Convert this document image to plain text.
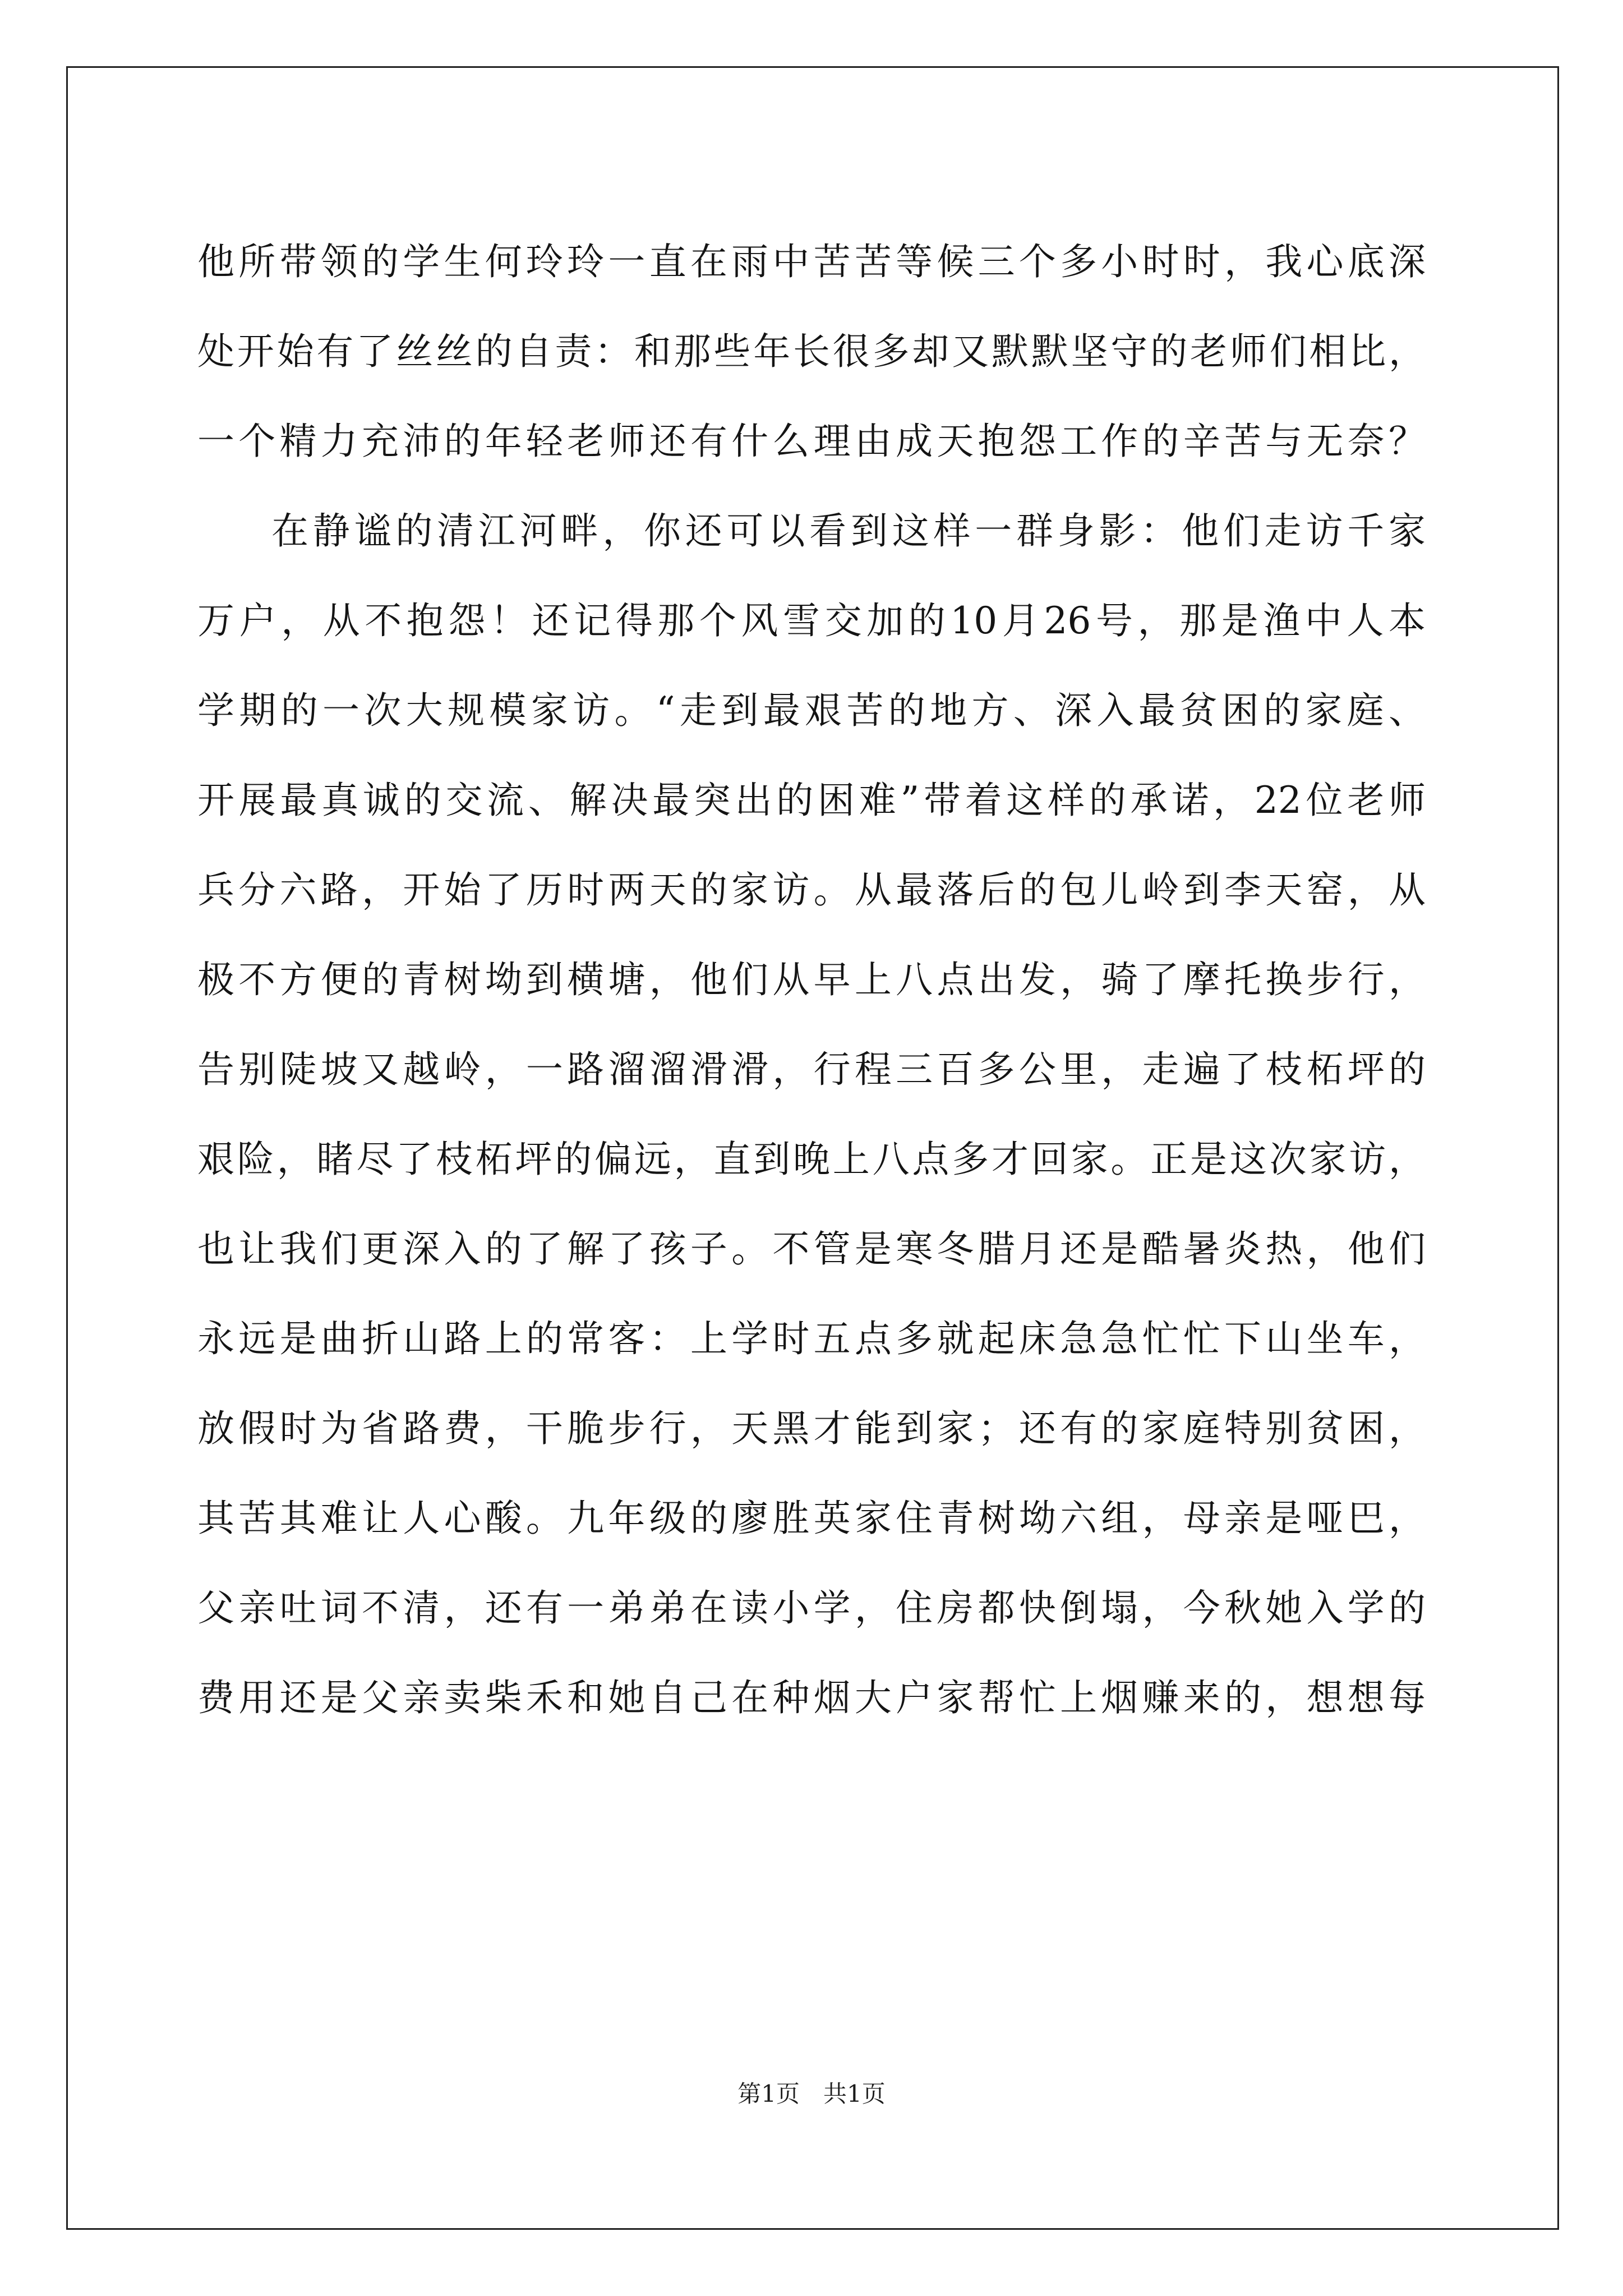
他所带领的学生何玲玲一直在雨中苦苦等候三个多小时时，我心底深
处开始有了丝丝的自责：和那些年长很多却又默默坚守的老师们相比，
一个精力充沛的年轻老师还有什么理由成天抱怨工作的辛苦与无奈？
在静谧的清江河畔，你还可以看到这样一群身影：他们走访千家
万户，从不抱怨！还记得那个风雪交加的10月26号，那是渔中人本
学期的一次大规模家访。“走到最艰苦的地方、深入最贫困的家庭、
开展最真诚的交流、解决最突出的困难”带着这样的承诺，22位老师
兵分六路，开始了历时两天的家访。从最落后的包儿岭到李天窑，从
极不方便的青树坳到横塘，他们从早上八点出发，骑了摩托换步行，
告别陡坡又越岭，一路溜溜滑滑，行程三百多公里，走遍了枝柘坪的
艰险，睹尽了枝柘坪的偏远，直到晚上八点多才回家。正是这次家访，
也让我们更深入的了解了孩子。不管是寒冬腊月还是酷暑炎热，他们
永远是曲折山路上的常客：上学时五点多就起床急急忙忙下山坐车，
放假时为省路费，干脆步行，天黑才能到家；还有的家庭特别贫困，
其苦其难让人心酸。九年级的廖胜英家住青树坳六组，母亲是哑巴，
父亲吐词不清，还有一弟弟在读小学，住房都快倒塌，今秋她入学的
费用还是父亲卖柴禾和她自己在种烟大户家帮忙上烟赚来的，想想每
第1页 共1页
